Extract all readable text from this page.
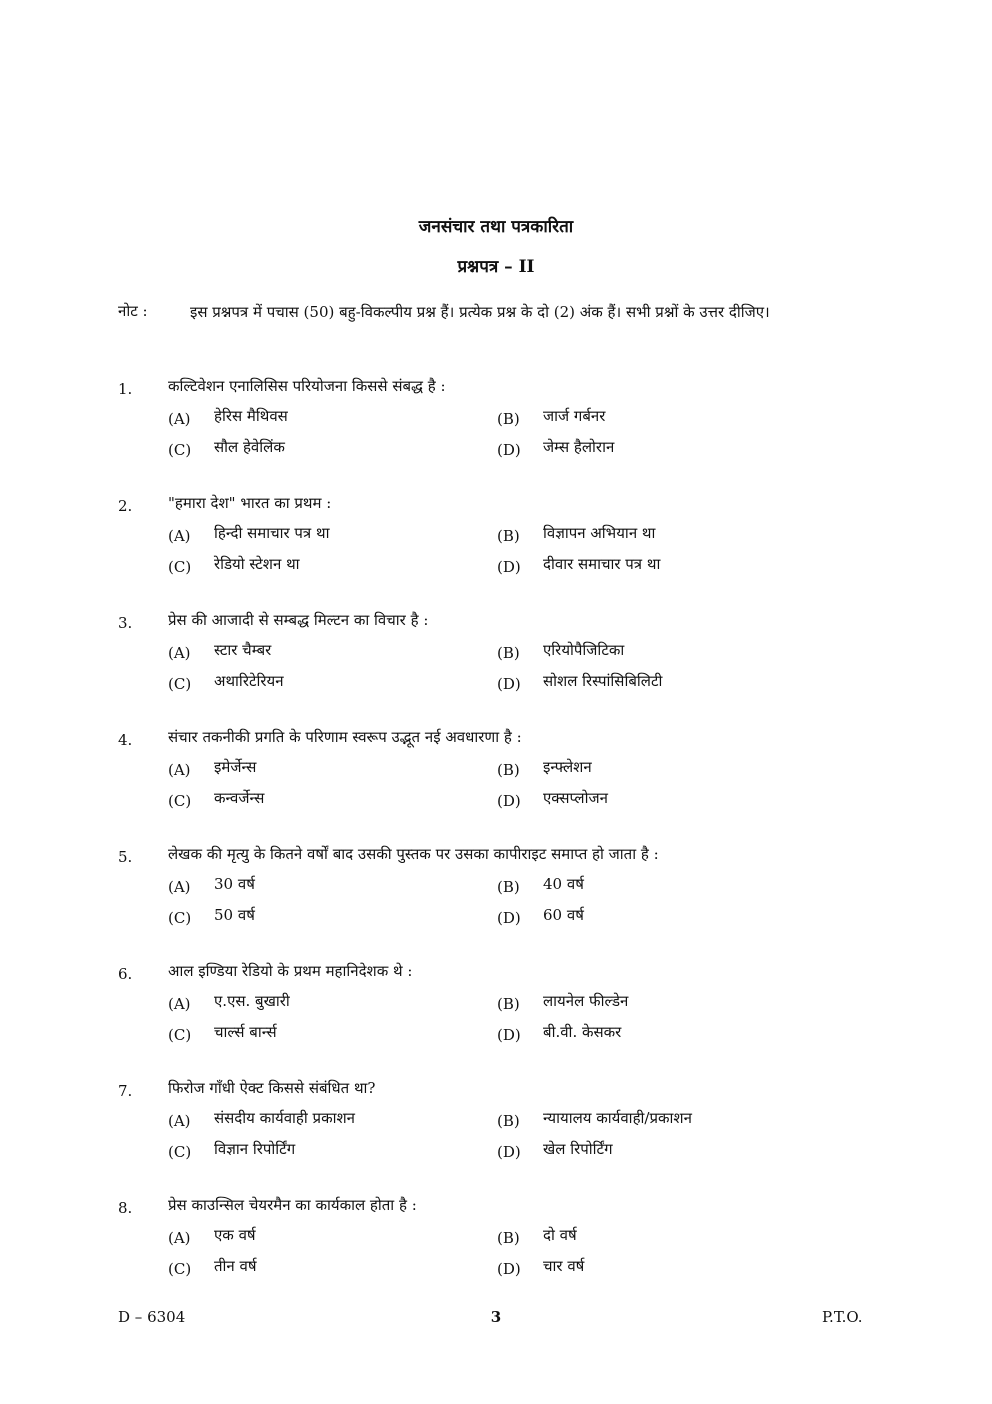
जनसंचार तथा पत्रकारिता
प्रश्नपत्र – II
नोट :	इस प्रश्नपत्र में पचास (50) बहु-विकल्पीय प्रश्न हैं। प्रत्येक प्रश्न के दो (2) अंक हैं। सभी प्रश्नों के उत्तर दीजिए।
1. कल्टिवेशन एनालिसिस परियोजना किससे संबद्ध है :
(A) हेरिस मैथिवस	(B) जार्ज गर्बनर
(C) सौल हेवेलिंक	(D) जेम्स हैलोरान
2. "हमारा देश" भारत का प्रथम :
(A) हिन्दी समाचार पत्र था	(B) विज्ञापन अभियान था
(C) रेडियो स्टेशन था	(D) दीवार समाचार पत्र था
3. प्रेस की आजादी से सम्बद्ध मिल्टन का विचार है :
(A) स्टार चैम्बर	(B) एरियोपैजिटिका
(C) अथारिटेरियन	(D) सोशल रिस्पांसिबिलिटी
4. संचार तकनीकी प्रगति के परिणाम स्वरूप उद्भूत नई अवधारणा है :
(A) इमेर्जेन्स	(B) इन्फ्लेशन
(C) कन्वर्जेन्स	(D) एक्सप्लोजन
5. लेखक की मृत्यु के कितने वर्षों बाद उसकी पुस्तक पर उसका कापीराइट समाप्त हो जाता है :
(A) 30 वर्ष	(B) 40 वर्ष
(C) 50 वर्ष	(D) 60 वर्ष
6. आल इण्डिया रेडियो के प्रथम महानिदेशक थे :
(A) ए.एस. बुखारी	(B) लायनेल फील्डेन
(C) चार्ल्स बार्न्स	(D) बी.वी. केसकर
7. फिरोज गाँधी ऐक्ट किससे संबंधित था?
(A) संसदीय कार्यवाही प्रकाशन	(B) न्यायालय कार्यवाही/प्रकाशन
(C) विज्ञान रिपोर्टिंग	(D) खेल रिपोर्टिंग
8. प्रेस काउन्सिल चेयरमैन का कार्यकाल होता है :
(A) एक वर्ष	(B) दो वर्ष
(C) तीन वर्ष	(D) चार वर्ष
D – 6304	3	P.T.O.
